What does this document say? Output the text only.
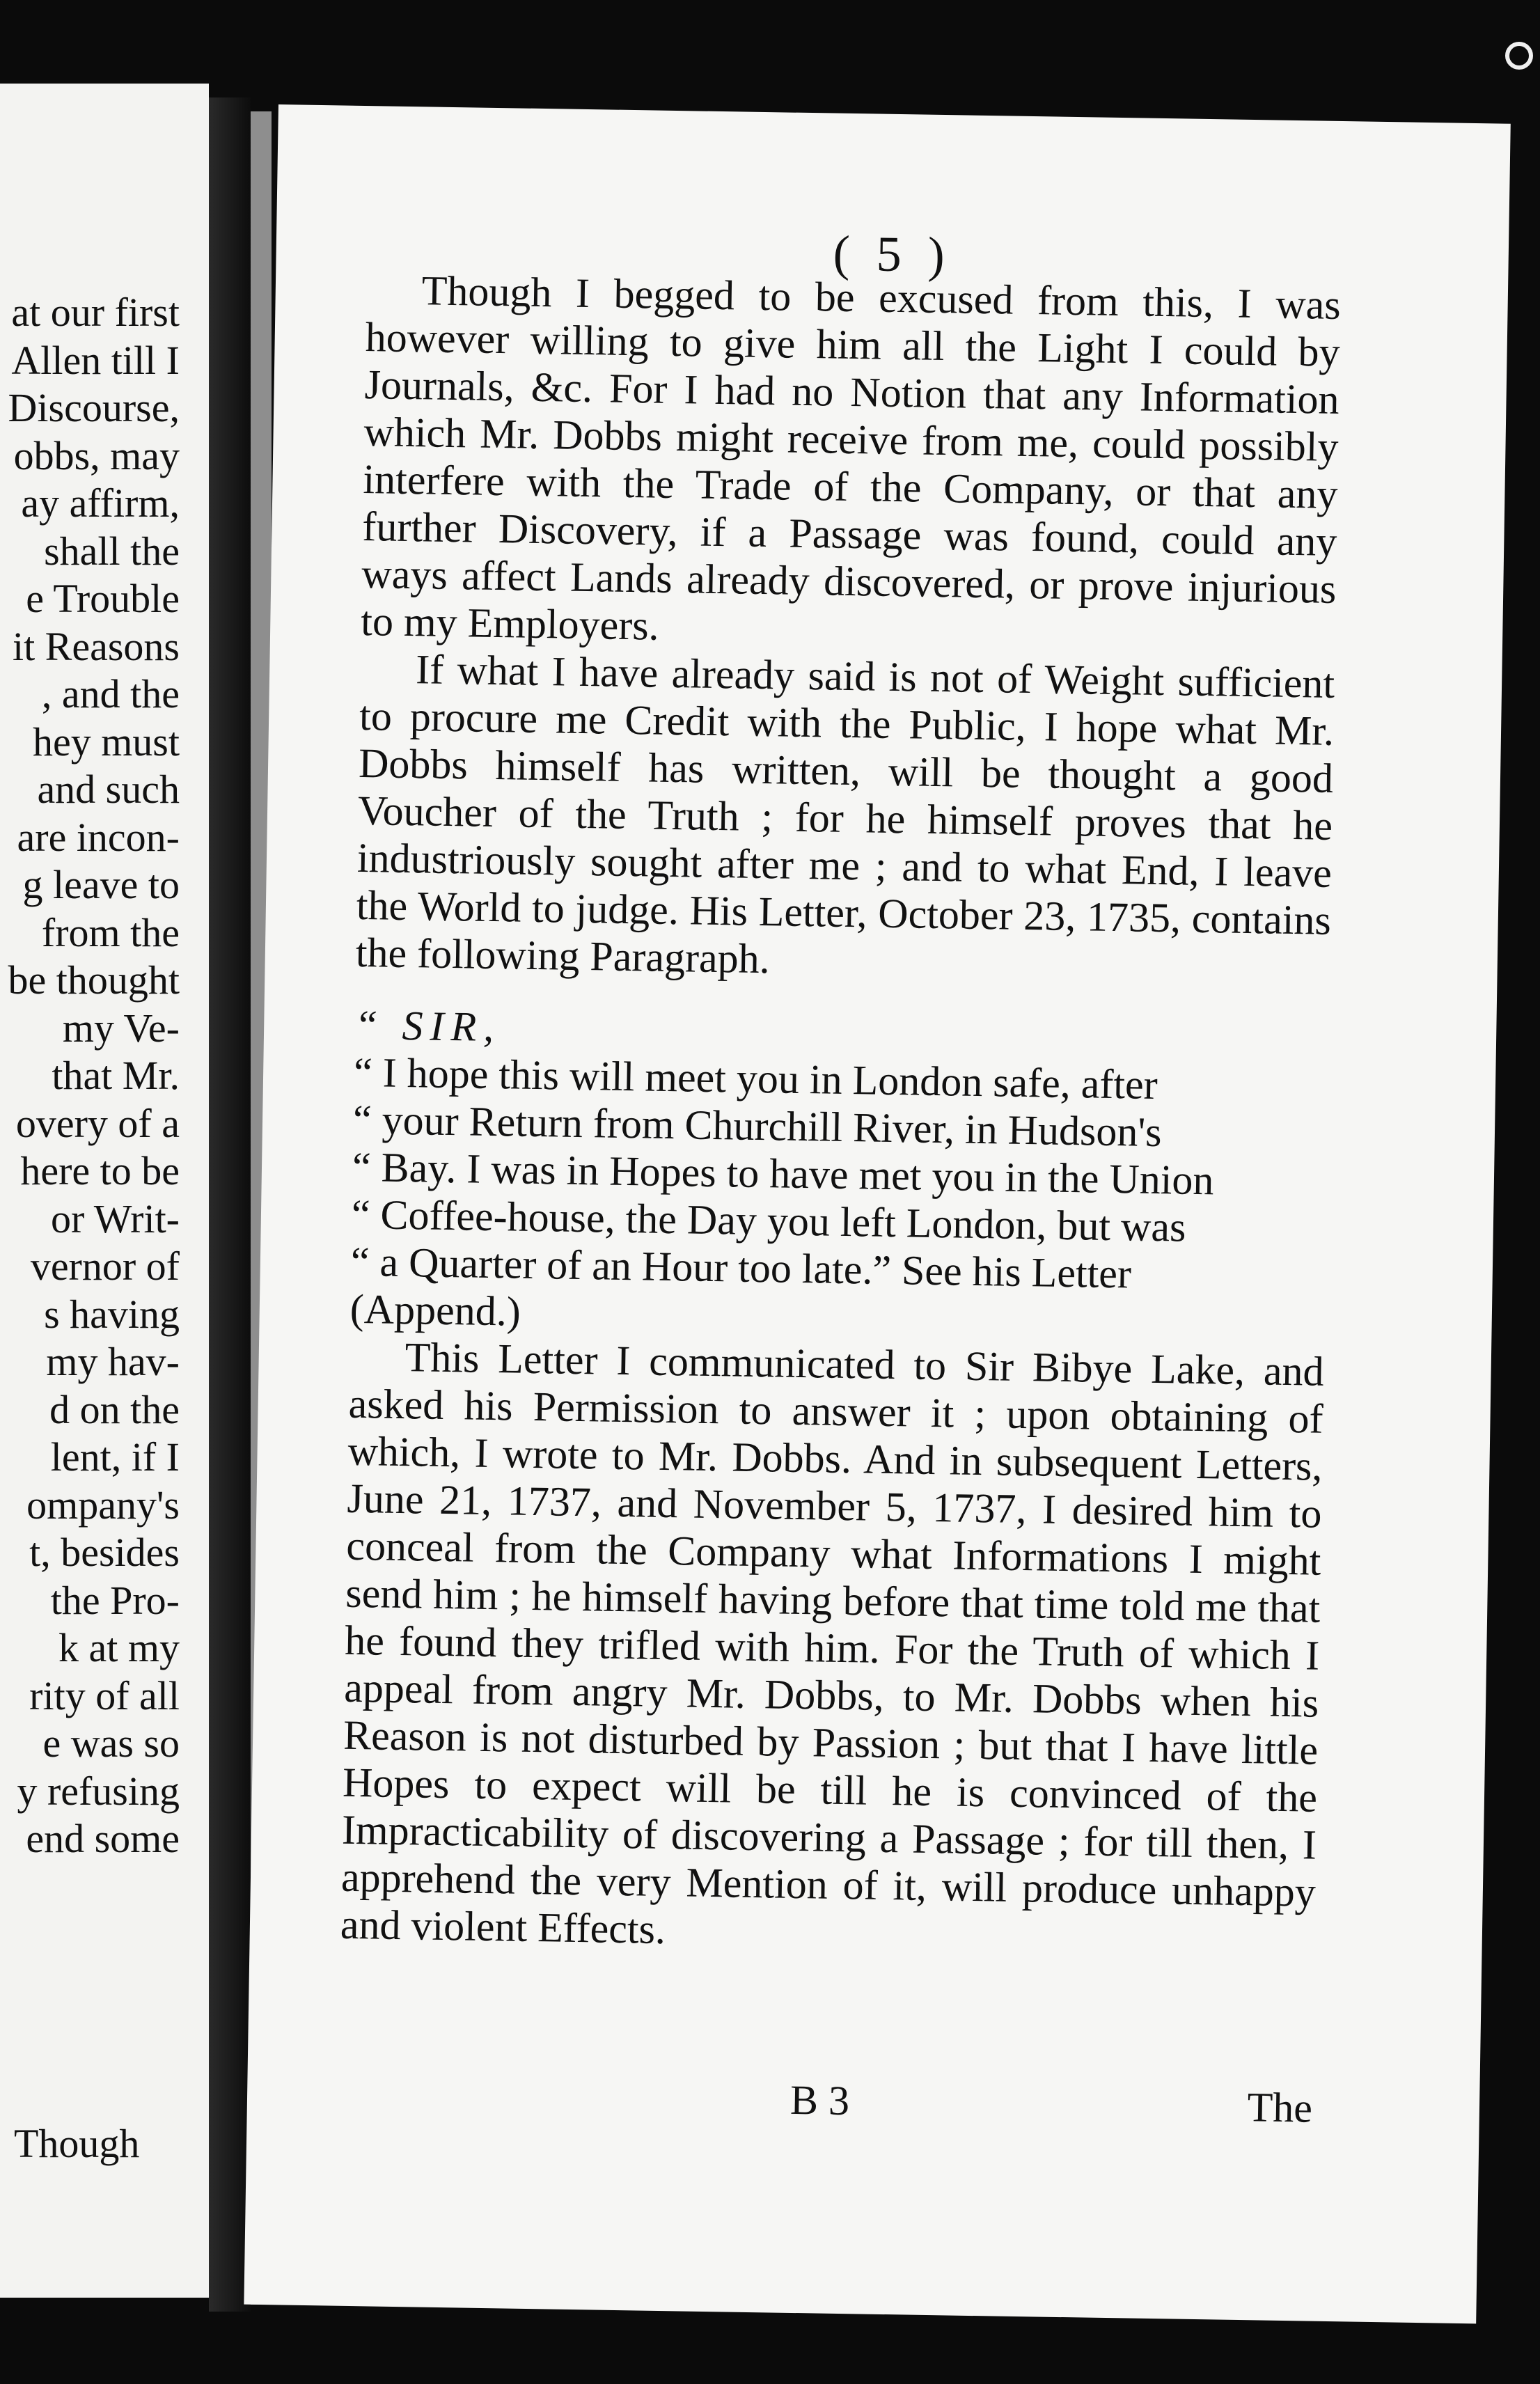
at our first
Allen till I
Discourse,
obbs, may
ay affirm,
shall the
e Trouble
it Reasons
, and the
hey must
and such
are incon-
g leave to
from the
be thought
my Ve-
that Mr.
overy of a
here to be
or Writ-
vernor of
s having
my hav-
d on the
lent, if I
ompany's
t, besides
the Pro-
k at my
rity of all
e was so
y refusing
end some
Though
( 5 )

Though I begged to be excused from this, I was however willing to give him all the Light I could by Journals, &c. For I had no Notion that any Information which Mr. Dobbs might receive from me, could possibly interfere with the Trade of the Company, or that any further Discovery, if a Passage was found, could any ways affect Lands already discovered, or prove injurious to my Employers.

If what I have already said is not of Weight sufficient to procure me Credit with the Public, I hope what Mr. Dobbs himself has written, will be thought a good Voucher of the Truth ; for he himself proves that he industriously sought after me ; and to what End, I leave the World to judge. His Letter, October 23, 1735, contains the following Paragraph.

“ SIR,

“ I hope this will meet you in London safe, after
“ your Return from Churchill River, in Hudson's
“ Bay. I was in Hopes to have met you in the Union
“ Coffee-house, the Day you left London, but was
“ a Quarter of an Hour too late.” See his Letter

(Append.)

This Letter I communicated to Sir Bibye Lake, and asked his Permission to answer it ; upon obtaining of which, I wrote to Mr. Dobbs. And in subsequent Letters, June 21, 1737, and November 5, 1737, I desired him to conceal from the Company what Informations I might send him ; he himself having before that time told me that he found they trifled with him. For the Truth of which I appeal from angry Mr. Dobbs, to Mr. Dobbs when his Reason is not disturbed by Passion ; but that I have little Hopes to expect will be till he is convinced of the Impracticability of discovering a Passage ; for till then, I apprehend the very Mention of it, will produce unhappy and violent Effects.

B 3	The
